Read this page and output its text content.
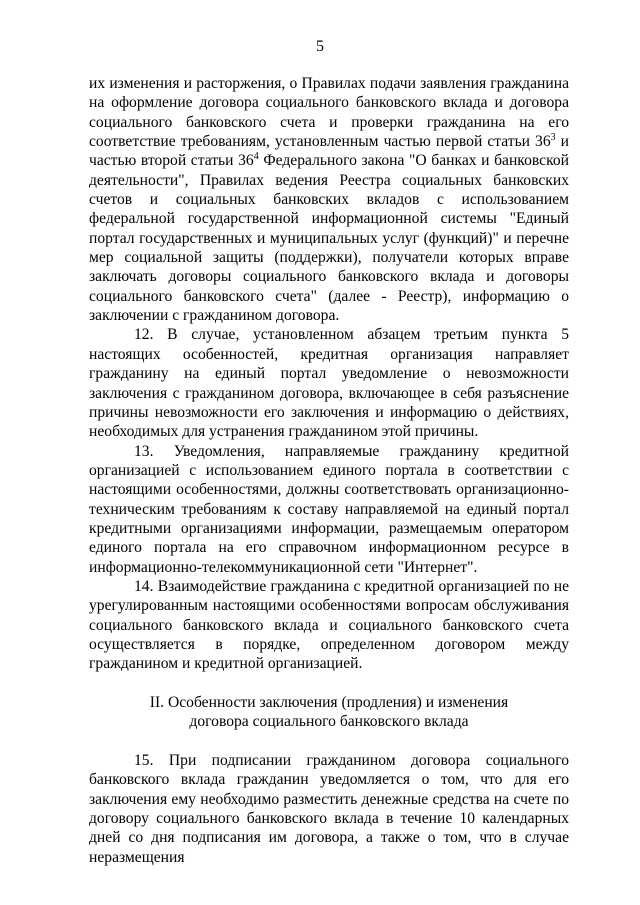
5

их изменения и расторжения, о Правилах подачи заявления гражданина на оформление договора социального банковского вклада и договора социального банковского счета и проверки гражданина на его соответствие требованиям, установленным частью первой статьи $36^3$ и частью второй статьи $36^4$ Федерального закона "О банках и банковской деятельности", Правилах ведения Реестра социальных банковских счетов и социальных банковских вкладов с использованием федеральной государственной информационной системы "Единый портал государственных и муниципальных услуг (функций)" и перечне мер социальной защиты (поддержки), получатели которых вправе заключать договоры социального банковского вклада и договоры социального банковского счета" (далее - Реестр), информацию о заключении с гражданином договора.

12. В случае, установленном абзацем третьим пункта 5 настоящих особенностей, кредитная организация направляет гражданину на единый портал уведомление о невозможности заключения с гражданином договора, включающее в себя разъяснение причины невозможности его заключения и информацию о действиях, необходимых для устранения гражданином этой причины.

13. Уведомления, направляемые гражданину кредитной организацией с использованием единого портала в соответствии с настоящими особенностями, должны соответствовать организационно-техническим требованиям к составу направляемой на единый портал кредитными организациями информации, размещаемым оператором единого портала на его справочном информационном ресурсе в информационно-телекоммуникационной сети "Интернет".

14. Взаимодействие гражданина с кредитной организацией по не урегулированным настоящими особенностями вопросам обслуживания социального банковского вклада и социального банковского счета осуществляется в порядке, определенном договором между гражданином и кредитной организацией.

II. Особенности заключения (продления) и изменения
договора социального банковского вклада

15. При подписании гражданином договора социального банковского вклада гражданин уведомляется о том, что для его заключения ему необходимо разместить денежные средства на счете по договору социального банковского вклада в течение 10 календарных дней со дня подписания им договора, а также о том, что в случае неразмещения
